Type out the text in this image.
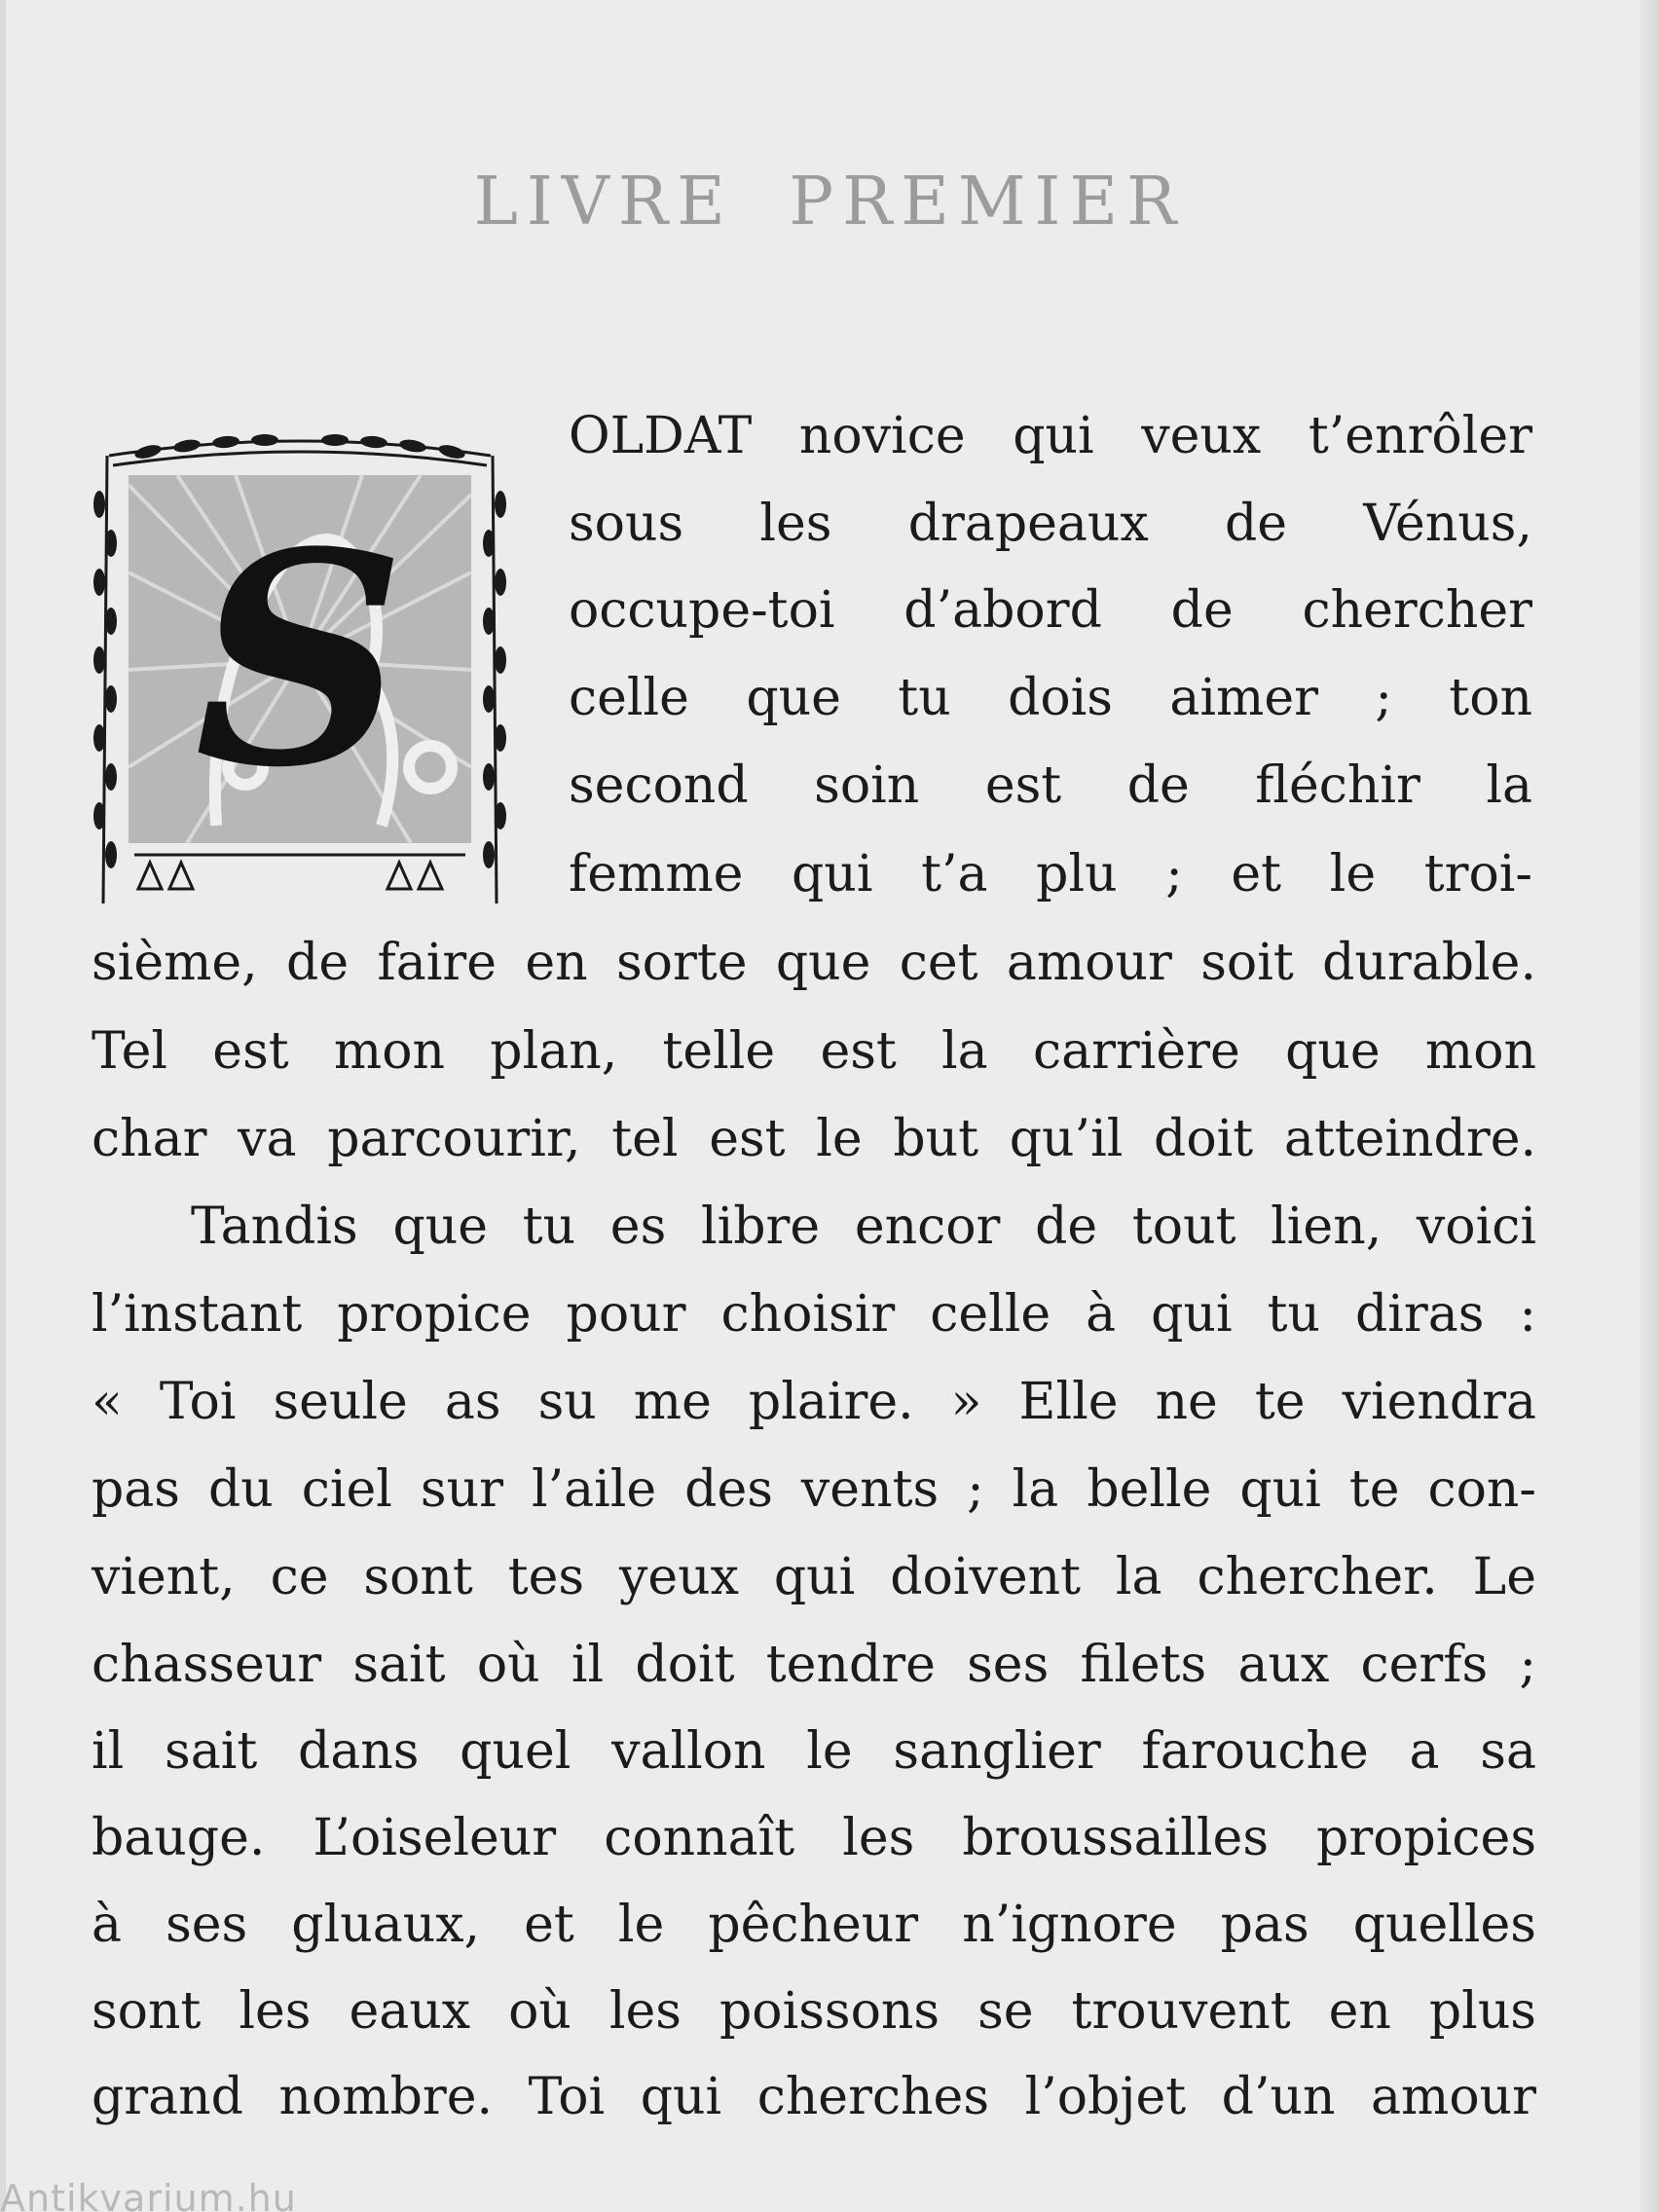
LIVRE PREMIER
S
OLDAT novice qui veux t’enrôler
sous les drapeaux de Vénus,
occupe-toi d’abord de chercher
celle que tu dois aimer ; ton
second soin est de fléchir la
femme qui t’a plu ; et le troi-
sième, de faire en sorte que cet amour soit durable.
Tel est mon plan, telle est la carrière que mon
char va parcourir, tel est le but qu’il doit atteindre.
Tandis que tu es libre encor de tout lien, voici
l’instant propice pour choisir celle à qui tu diras :
« Toi seule as su me plaire. » Elle ne te viendra
pas du ciel sur l’aile des vents ; la belle qui te con-
vient, ce sont tes yeux qui doivent la chercher. Le
chasseur sait où il doit tendre ses filets aux cerfs ;
il sait dans quel vallon le sanglier farouche a sa
bauge. L’oiseleur connaît les broussailles propices
à ses gluaux, et le pêcheur n’ignore pas quelles
sont les eaux où les poissons se trouvent en plus
grand nombre. Toi qui cherches l’objet d’un amour
Antikvarium.hu
